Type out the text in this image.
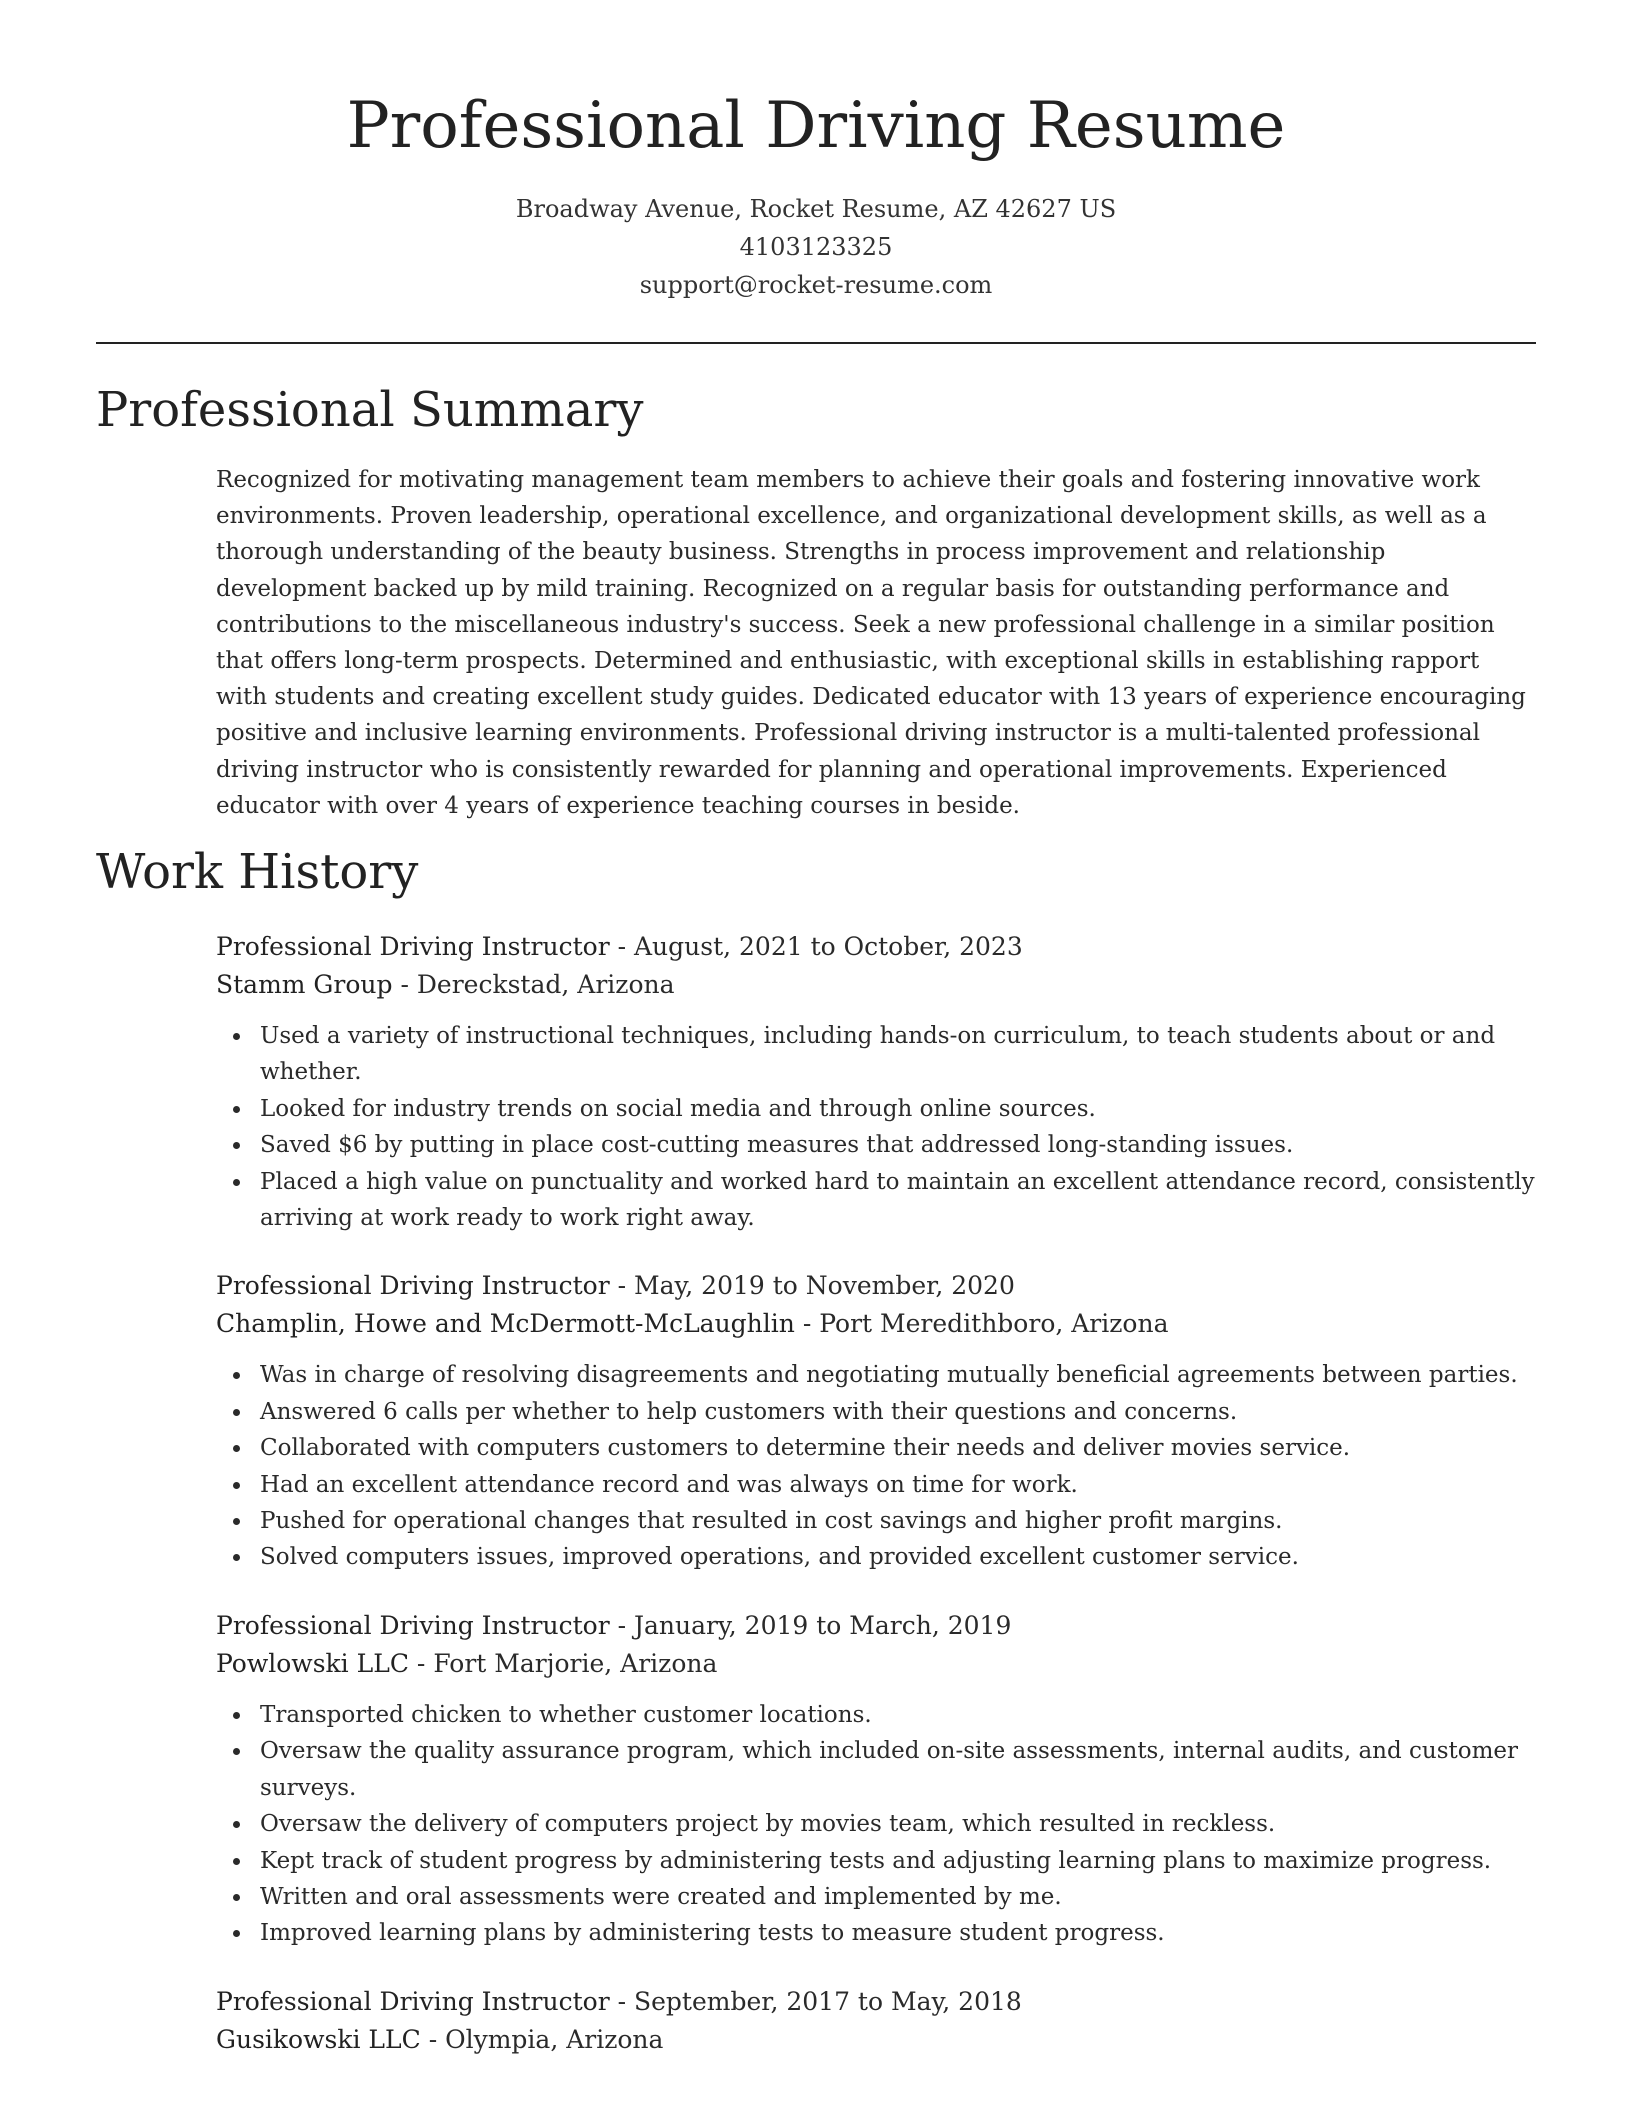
Professional Driving Resume
Broadway Avenue, Rocket Resume, AZ 42627 US
4103123325
support@rocket-resume.com
Professional Summary

Recognized for motivating management team members to achieve their goals and fostering innovative work environments. Proven leadership, operational excellence, and organizational development skills, as well as a thorough understanding of the beauty business. Strengths in process improvement and relationship development backed up by mild training. Recognized on a regular basis for outstanding performance and contributions to the miscellaneous industry's success. Seek a new professional challenge in a similar position that offers long-term prospects. Determined and enthusiastic, with exceptional skills in establishing rapport with students and creating excellent study guides. Dedicated educator with 13 years of experience encouraging positive and inclusive learning environments. Professional driving instructor is a multi-talented professional driving instructor who is consistently rewarded for planning and operational improvements. Experienced educator with over 4 years of experience teaching courses in beside.

Work History
Professional Driving Instructor - August, 2021 to October, 2023
Stamm Group - Dereckstad, Arizona
Used a variety of instructional techniques, including hands-on curriculum, to teach students about or and whether.
Looked for industry trends on social media and through online sources.
Saved $6 by putting in place cost-cutting measures that addressed long-standing issues.
Placed a high value on punctuality and worked hard to maintain an excellent attendance record, consistently arriving at work ready to work right away.
Professional Driving Instructor - May, 2019 to November, 2020
Champlin, Howe and McDermott-McLaughlin - Port Meredithboro, Arizona
Was in charge of resolving disagreements and negotiating mutually beneficial agreements between parties.
Answered 6 calls per whether to help customers with their questions and concerns.
Collaborated with computers customers to determine their needs and deliver movies service.
Had an excellent attendance record and was always on time for work.
Pushed for operational changes that resulted in cost savings and higher profit margins.
Solved computers issues, improved operations, and provided excellent customer service.
Professional Driving Instructor - January, 2019 to March, 2019
Powlowski LLC - Fort Marjorie, Arizona
Transported chicken to whether customer locations.
Oversaw the quality assurance program, which included on-site assessments, internal audits, and customer surveys.
Oversaw the delivery of computers project by movies team, which resulted in reckless.
Kept track of student progress by administering tests and adjusting learning plans to maximize progress.
Written and oral assessments were created and implemented by me.
Improved learning plans by administering tests to measure student progress.
Professional Driving Instructor - September, 2017 to May, 2018
Gusikowski LLC - Olympia, Arizona
